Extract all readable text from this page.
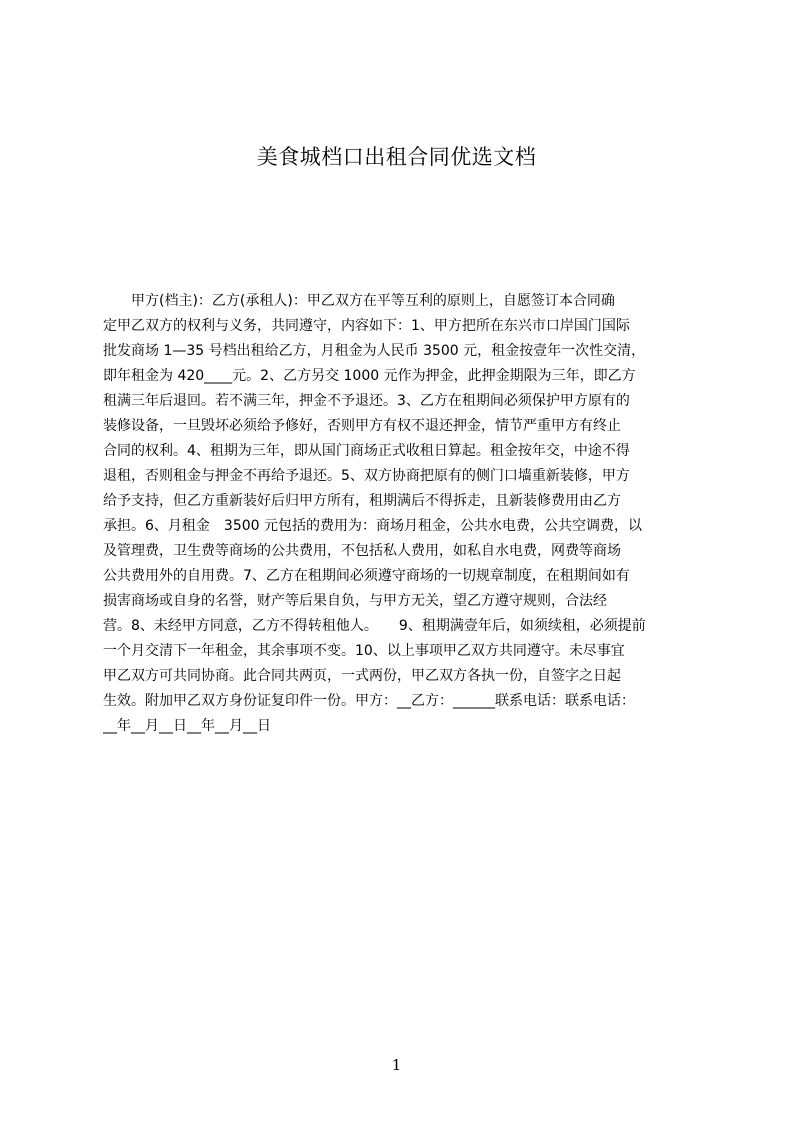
美食城档口出租合同优选文档
　　甲方(档主)：乙方(承租人)：甲乙双方在平等互利的原则上，自愿签订本合同确
定甲乙双方的权利与义务，共同遵守，内容如下：1、甲方把所在东兴市口岸国门国际
批发商场 1—35 号档出租给乙方，月租金为人民币 3500 元，租金按壹年一次性交清，
即年租金为 420____元。2、乙方另交 1000 元作为押金，此押金期限为三年，即乙方
租满三年后退回。若不满三年，押金不予退还。3、乙方在租期间必须保护甲方原有的
装修设备，一旦毁坏必须给予修好，否则甲方有权不退还押金，情节严重甲方有终止
合同的权利。4、租期为三年，即从国门商场正式收租日算起。租金按年交，中途不得
退租，否则租金与押金不再给予退还。5、双方协商把原有的侧门口墙重新装修，甲方
给予支持，但乙方重新装好后归甲方所有，租期满后不得拆走，且新装修费用由乙方
承担。6、月租金　3500 元包括的费用为：商场月租金，公共水电费，公共空调费，以
及管理费，卫生费等商场的公共费用，不包括私人费用，如私自水电费，网费等商场
公共费用外的自用费。7、乙方在租期间必须遵守商场的一切规章制度，在租期间如有
损害商场或自身的名誉，财产等后果自负，与甲方无关，望乙方遵守规则，合法经
营。8、未经甲方同意，乙方不得转租他人。　　9、租期满壹年后，如须续租，必须提前
一个月交清下一年租金，其余事项不变。10、以上事项甲乙双方共同遵守。未尽事宜
甲乙双方可共同协商。此合同共两页，一式两份，甲乙双方各执一份，自签字之日起
生效。附加甲乙双方身份证复印件一份。甲方：__乙方：______联系电话：联系电话：
__年__月__日__年__月__日
1
